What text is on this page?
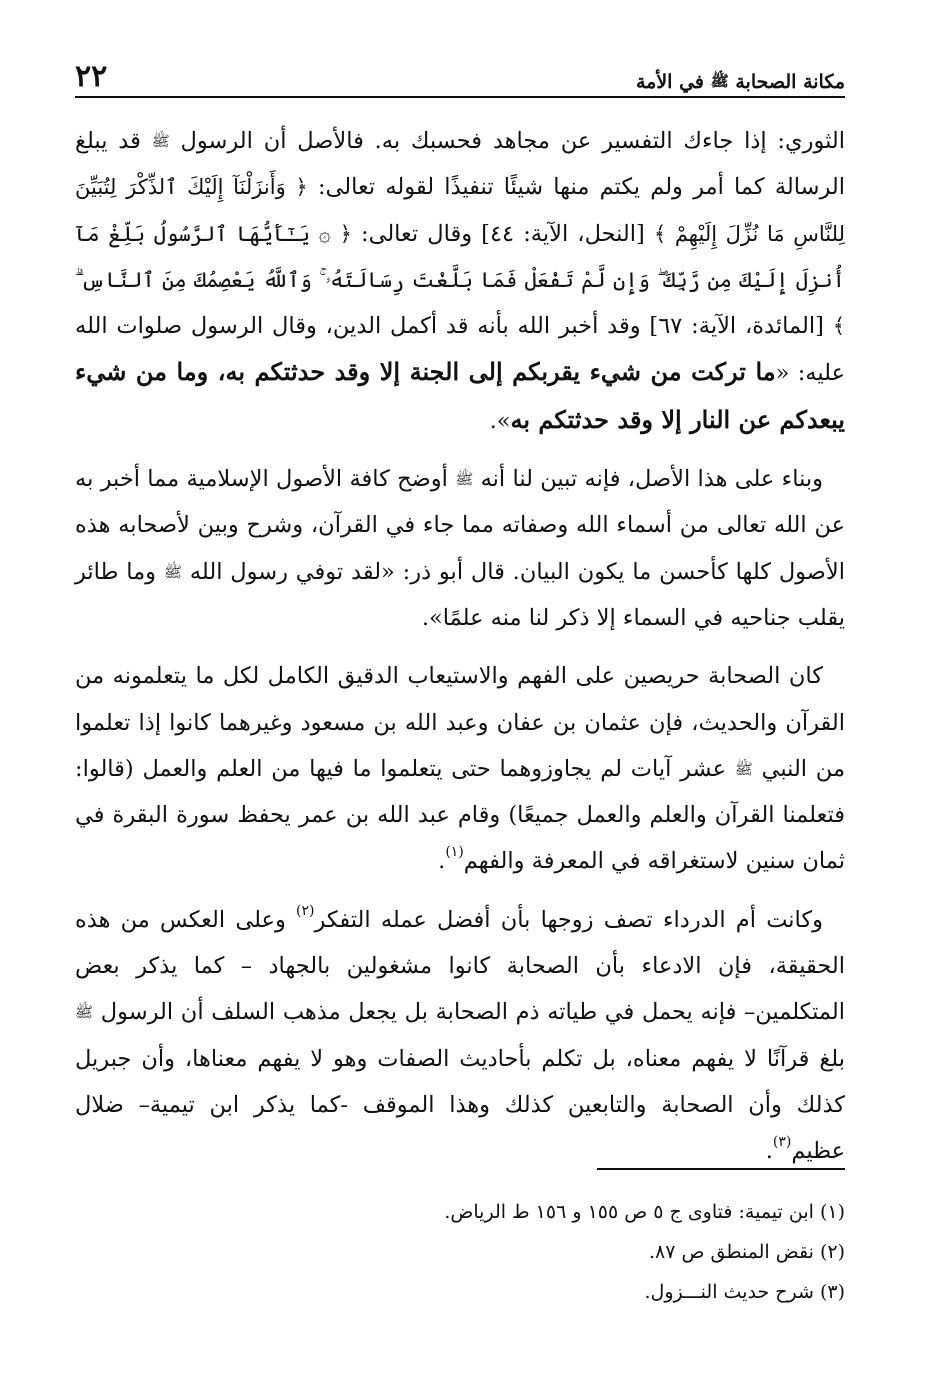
مكانة الصحابة ﷺ في الأمة
٢٢

الثوري: إذا جاءك التفسير عن مجاهد فحسبك به. فالأصل أن الرسول ﷺ قد يبلغ الرسالة كما أمر ولم يكتم منها شيئًا تنفيذًا لقوله تعالى: ﴿ وَأَنزَلْنَآ إِلَيْكَ ٱلذِّكْرَ لِتُبَيِّنَ لِلنَّاسِ مَا نُزِّلَ إِلَيْهِمْ ﴾ [النحل، الآية: ٤٤] وقال تعالى: ﴿ ۞ يَـٰٓأَيُّهَا ٱلرَّسُولُ بَلِّغْ مَآ أُنزِلَ إِلَيْكَ مِن رَّبِّكَ ۖ وَإِن لَّمْ تَفْعَلْ فَمَا بَلَّغْتَ رِسَالَتَهُۥ ۚ وَٱللَّهُ يَعْصِمُكَ مِنَ ٱلنَّاسِ ۗ ﴾ [المائدة، الآية: ٦٧] وقد أخبر الله بأنه قد أكمل الدين، وقال الرسول صلوات الله عليه: «ما تركت من شيء يقربكم إلى الجنة إلا وقد حدثتكم به، وما من شيء يبعدكم عن النار إلا وقد حدثتكم به».

وبناء على هذا الأصل، فإنه تبين لنا أنه ﷺ أوضح كافة الأصول الإسلامية مما أخبر به عن الله تعالى من أسماء الله وصفاته مما جاء في القرآن، وشرح وبين لأصحابه هذه الأصول كلها كأحسن ما يكون البيان. قال أبو ذر: «لقد توفي رسول الله ﷺ وما طائر يقلب جناحيه في السماء إلا ذكر لنا منه علمًا».

كان الصحابة حريصين على الفهم والاستيعاب الدقيق الكامل لكل ما يتعلمونه من القرآن والحديث، فإن عثمان بن عفان وعبد الله بن مسعود وغيرهما كانوا إذا تعلموا من النبي ﷺ عشر آيات لم يجاوزوهما حتى يتعلموا ما فيها من العلم والعمل (قالوا: فتعلمنا القرآن والعلم والعمل جميعًا) وقام عبد الله بن عمر يحفظ سورة البقرة في ثمان سنين لاستغراقه في المعرفة والفهم$^{(١)}$.

وكانت أم الدرداء تصف زوجها بأن أفضل عمله التفكر$^{(٢)}$ وعلى العكس من هذه الحقيقة، فإن الادعاء بأن الصحابة كانوا مشغولين بالجهاد – كما يذكر بعض المتكلمين– فإنه يحمل في طياته ذم الصحابة بل يجعل مذهب السلف أن الرسول ﷺ بلغ قرآنًا لا يفهم معناه، بل تكلم بأحاديث الصفات وهو لا يفهم معناها، وأن جبريل كذلك وأن الصحابة والتابعين كذلك وهذا الموقف -كما يذكر ابن تيمية– ضلال عظيم$^{(٣)}$.

(١) ابن تيمية: فتاوى ج ٥ ص ١٥٥ و ١٥٦ ط الرياض.
(٢) نقض المنطق ص ٨٧.
(٣) شرح حديث النـــزول.
